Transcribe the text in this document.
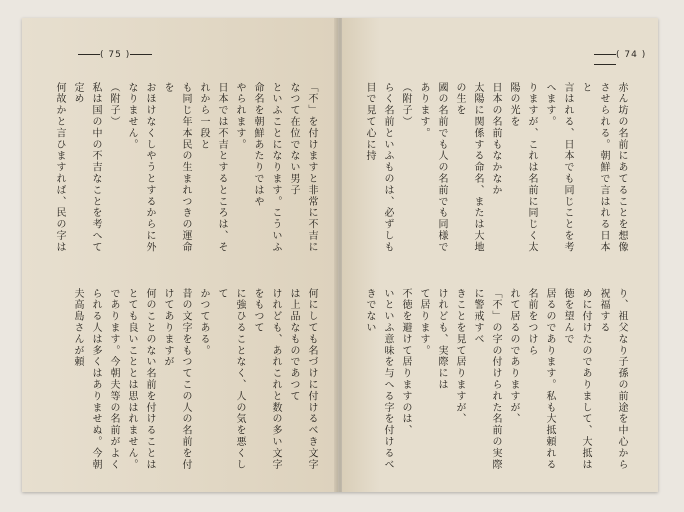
( 75 )
「不」を付けますと非常に不吉になつて在位でない男子
といふことになります。こういふ命名を朝鮮あたりではや
やられます。
日本では不吉とするところは、それから一段と
も同じ年本民の生まれつきの運命を
おほけなくしやうとするからに外なりません。
（附子）
私は国の中の不吉なことを考へて定め
何故かと言ひますれば、民の字は

何にしても名づけに付けるべき文字は上品なものであつて
けれども、あれこれと数の多い文字をもつて
に強ひることなく、人の気を悪くして
かつてある。
昔の文字をもつてこの人の名前を付けてありますが
何のことのない名前を付けることは
とても良いこととは思はれません。
であります。今朝夫等の名前がよく
られる人は多くはありませぬ。今朝夫高島さんが頼
( 74 )
赤ん坊の名前にあてることを想像させられる。朝鮮で言はれる日本と
言はれる、日本でも同じことを考へます。
りますが、これは名前に同じく太陽の光を
日本の名前もなかなか
太陽に関係する命名、または大地の生を
國の名前でも人の名前でも同様であります。
（附子）
らく名前といふものは、必ずしも目で見て心に持

り、祖父なり子孫の前途を中心から祝福する
めに付けたのでありまして、大抵は徳を望んで
居るのであります。私も大抵頼れる名前をつけら
れて居るのでありますが、
「不」の字の付けられた名前の実際に警戒すべ
きことを見て居りますが、
けれども、実際には
て居ります。
不徳を避けて居りますのは、
いといふ意味を与へる字を付けるべきでない
